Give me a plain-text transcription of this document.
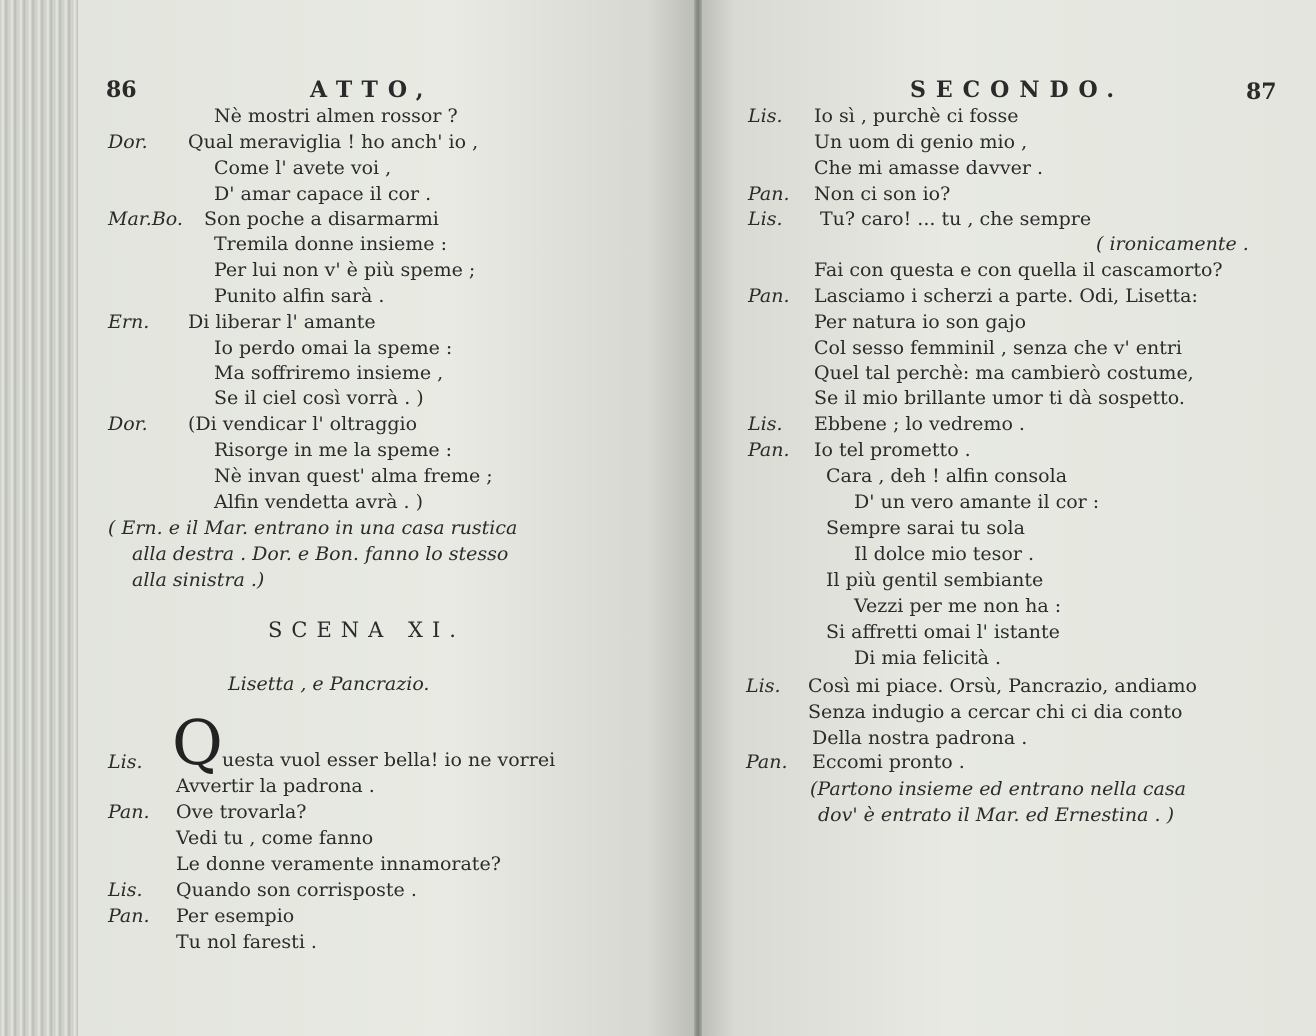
86	ATTO,
Nè mostri almen rossor ?
Dor. Qual meraviglia ! ho anch' io ,
Come l' avete voi ,
D' amar capace il cor .
Mar.Bo. Son poche a disarmarmi
Tremila donne insieme :
Per lui non v' è più speme ;
Punito alfin sarà .
Ern. Di liberar l' amante
Io perdo omai la speme :
Ma soffriremo insieme ,
Se il ciel così vorrà . )
Dor. (Di vendicar l' oltraggio
Risorge in me la speme :
Nè invan quest' alma freme ;
Alfin vendetta avrà . )
( Ern. e il Mar. entrano in una casa rustica
alla destra . Dor. e Bon. fanno lo stesso
alla sinistra .)
SCENA XI.
Lisetta , e Pancrazio.
Q
Lis.	uesta vuol esser bella! io ne vorrei
Avvertir la padrona .
Pan. Ove trovarla?
Vedi tu , come fanno
Le donne veramente innamorate?
Lis. Quando son corrisposte .
Pan. Per esempio
Tu nol faresti .
SECONDO.	87
Lis. Io sì , purchè ci fosse
Un uom di genio mio ,
Che mi amasse davver .
Pan. Non ci son io?
Lis. Tu? caro! ... tu , che sempre
( ironicamente .
Fai con questa e con quella il cascamorto?
Pan. Lasciamo i scherzi a parte. Odi, Lisetta:
Per natura io son gajo
Col sesso femminil , senza che v' entri
Quel tal perchè: ma cambierò costume,
Se il mio brillante umor ti dà sospetto.
Lis. Ebbene ; lo vedremo .
Pan. Io tel prometto .
Cara , deh ! alfin consola
D' un vero amante il cor :
Sempre sarai tu sola
Il dolce mio tesor .
Il più gentil sembiante
Vezzi per me non ha :
Si affretti omai l' istante
Di mia felicità .
Lis. Così mi piace. Orsù, Pancrazio, andiamo
Senza indugio a cercar chi ci dia conto
Della nostra padrona .
Pan. Eccomi pronto .
(Partono insieme ed entrano nella casa
dov' è entrato il Mar. ed Ernestina . )
